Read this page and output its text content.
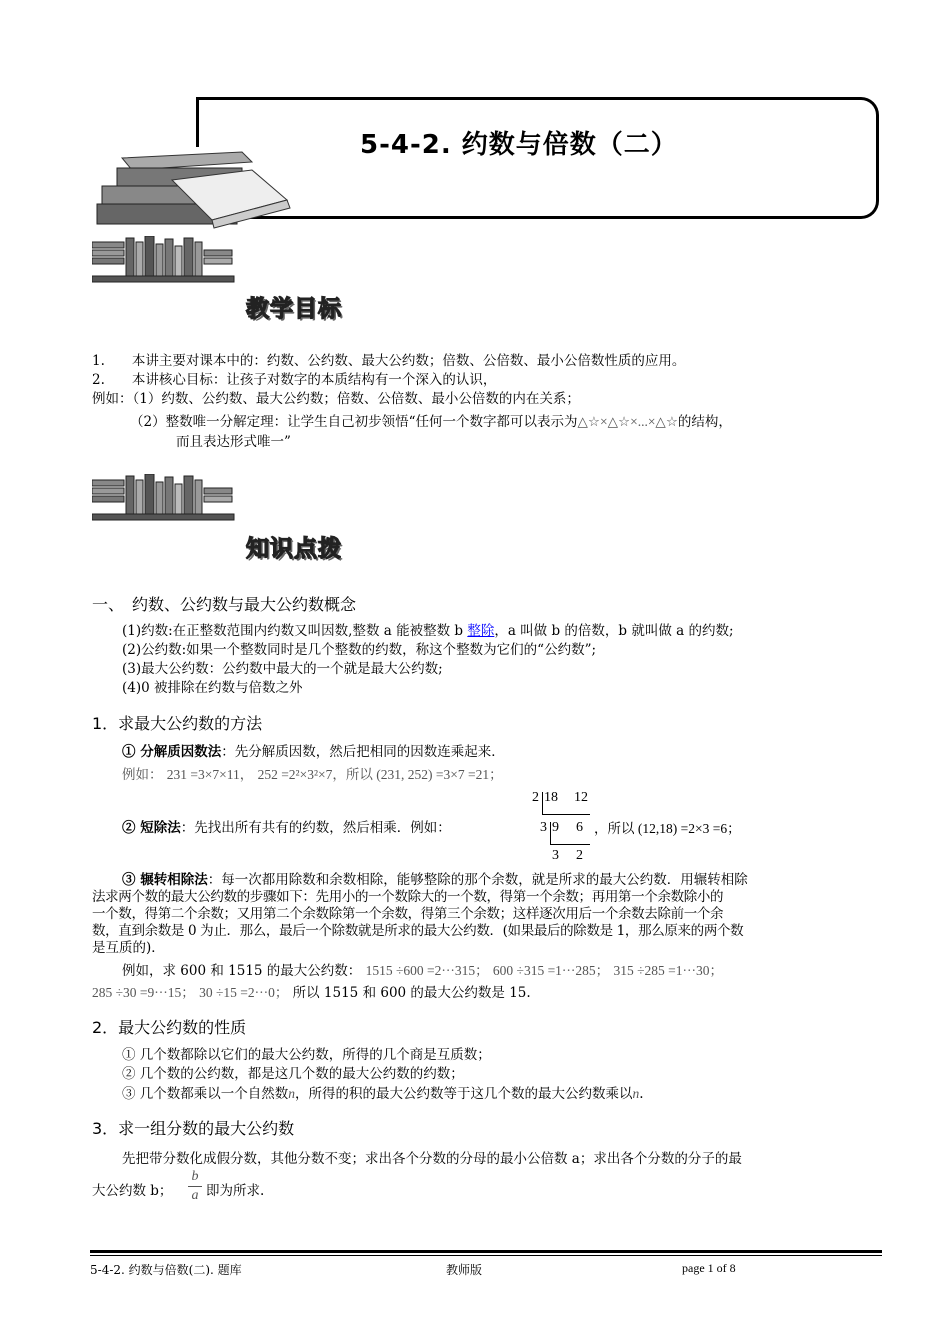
5-4-2. 约数与倍数（二）
教学目标
1.　　本讲主要对课本中的：约数、公约数、最大公约数；倍数、公倍数、最小公倍数性质的应用。
2.　　本讲核心目标：让孩子对数字的本质结构有一个深入的认识，
例如：（1）约数、公约数、最大公约数；倍数、公倍数、最小公倍数的内在关系；
（2）整数唯一分解定理：让学生自己初步领悟“任何一个数字都可以表示为△☆×△☆×...×△☆的结构，
而且表达形式唯一”
知识点拨
一、　约数、公约数与最大公约数概念
(1)约数:在正整数范围内约数又叫因数,整数 a 能被整数 b 整除，a 叫做 b 的倍数，b 就叫做 a 的约数;
(2)公约数:如果一个整数同时是几个整数的约数，称这个整数为它们的“公约数”;
(3)最大公约数：公约数中最大的一个就是最大公约数;
(4)0 被排除在约数与倍数之外
1．求最大公约数的方法
① 分解质因数法：先分解质因数，然后把相同的因数连乘起来．
例如： 231 =3×7×11， 252 =2²×3²×7，所以 (231, 252) =3×7 =21；
2 18 12
3 9 6
3 2
② 短除法：先找出所有共有的约数，然后相乘．例如：	，所以 (12,18) =2×3 =6；
③ 辗转相除法：每一次都用除数和余数相除，能够整除的那个余数，就是所求的最大公约数．用辗转相除
法求两个数的最大公约数的步骤如下：先用小的一个数除大的一个数，得第一个余数；再用第一个余数除小的
一个数，得第二个余数；又用第二个余数除第一个余数，得第三个余数；这样逐次用后一个余数去除前一个余
数，直到余数是 0 为止．那么，最后一个除数就是所求的最大公约数．(如果最后的除数是 1，那么原来的两个数
是互质的)．
例如，求 600 和 1515 的最大公约数： 1515 ÷600 =2···315； 600 ÷315 =1···285； 315 ÷285 =1···30；
285 ÷30 =9···15； 30 ÷15 =2···0； 所以 1515 和 600 的最大公约数是 15.
2．最大公约数的性质
① 几个数都除以它们的最大公约数，所得的几个商是互质数；
② 几个数的公约数，都是这几个数的最大公约数的约数；
③ 几个数都乘以一个自然数n，所得的积的最大公约数等于这几个数的最大公约数乘以n.
3．求一组分数的最大公约数
先把带分数化成假分数，其他分数不变；求出各个分数的分母的最小公倍数 a；求出各个分数的分子的最
大公约数 b； $\frac{b}{a}$ 即为所求.
5-4-2. 约数与倍数(二). 题库	教师版	page 1 of 8
